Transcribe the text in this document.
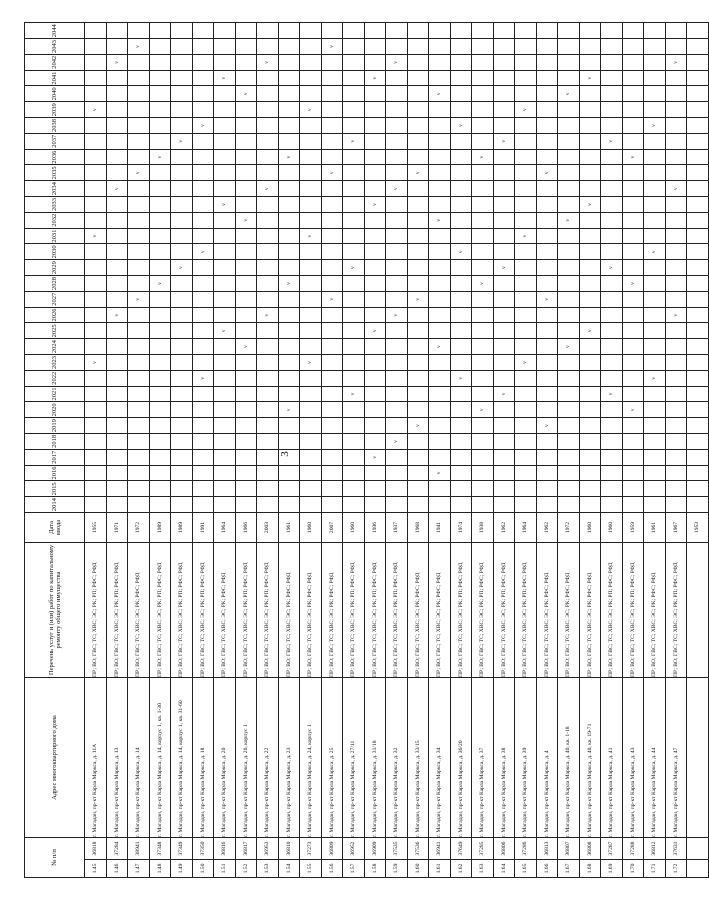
3
№ п/п		Адрес многоквартирного дома	Перечень услуг и (или) работ по капитальному ремонту общего имущества	Дата ввода	2014	2015	2016	2017	2018	2019	2020	2021	2022	2023	2024	2025	2026	2027	2028	2029	2030	2031	2032	2033	2034	2035	2036	2037	2038	2039	2040	2041	2042	2043	2044
1.45	36818	г. Магадан, пр-кт Карла Маркса, д. 11А	ПР; ВО; ГВС; ТС; ХВС; ЭС; РК; РП; РФС; РФД	1955										v								v								v					
1.46	37284	г. Магадан, пр-кт Карла Маркса, д. 13	ПР; ВО; ГВС; ТС; ХВС; ЭС; РК; РП; РФС; РФД	1971													v								v								v		
1.47	38941	г. Магадан, пр-кт Карла Маркса, д. 14	ПР; ВО; ГВС; ТС; ХВС; ЭС; РК; РФС; РФД	1972														v								v								v	
1.48	37348	г. Магадан, пр-кт Карла Маркса, д. 14, корпус 1, кв. 1-30	ПР; ВО; ГВС; ТС; ХВС; ЭС; РК; РП; РФС; РФД	1989															v								v								
1.49	37349	г. Магадан, пр-кт Карла Маркса, д. 14, корпус 1, кв. 31-60	ПР; ВО; ГВС; ТС; ХВС; ЭС; РК; РП; РФС; РФД	1989																v								v							
1.50	37350	г. Магадан, пр-кт Карла Маркса, д. 18	ПР; ВО; ГВС; ТС; ХВС; ЭС; РК; РП; РФС; РФД	1991									v								v								v						
1.51	36816	г. Магадан, пр-кт Карла Маркса, д. 20	ПР; ВО; ГВС; ТС; ХВС; ЭС; РК; РФС; РФД	1964												v								v								v			
1.52	36817	г. Магадан, пр-кт Карла Маркса, д. 20, корпус 1	ПР; ВО; ГВС; ТС; ХВС; ЭС; РК; РП; РФС; РФД	1966											v								v								v				
1.53	36953	г. Магадан, пр-кт Карла Маркса, д. 22	ПР; ВО; ГВС; ТС; ХВС; ЭС; РК; РП; РФС; РФД	2003													v								v								v		
1.54	36810	г. Магадан, пр-кт Карла Маркса, д. 23	ПР; ВО; ГВС; ТС; ХВС; ЭС; РК; РФС; РФД	1961							v								v								v								
1.55	37273	г. Магадан, пр-кт Карла Маркса, д. 24, корпус 1	ПР; ВО; ГВС; ТС; ХВС; ЭС; РК; РФС; РФД	1960										v								v								v					
1.56	36809	г. Магадан, пр-кт Карла Маркса, д. 25	ПР; ВО; ГВС; ТС; ХВС; ЭС; РК; РФС; РФД	2007														v								v								v	
1.57	36952	г. Магадан, пр-кт Карла Маркса, д. 27/11	ПР; ВО; ГВС; ТС; ХВС; ЭС; РК; РП; РФС; РФД	1960								v								v								v							
1.58	36909	г. Магадан, пр-кт Карла Маркса, д. 31/18	ПР; ВО; ГВС; ТС; ХВС; ЭС; РК; РП; РФС; РФД	1936				v								v								v								v			
1.59	37535	г. Магадан, пр-кт Карла Маркса, д. 32	ПР; ВО; ГВС; ТС; ХВС; ЭС; РК; РП; РФС; РФД	1937					v								v								v								v		
1.60	37536	г. Магадан, пр-кт Карла Маркса, д. 33/15	ПР; ВО; ГВС; ТС; ХВС; ЭС; РК; РФС; РФД	1968						v								v								v									
1.61	36941	г. Магадан, пр-кт Карла Маркса, д. 34	ПР; ВО; ГВС; ТС; ХВС; ЭС; РК; РФС; РФД	1941			v								v								v								v				
1.62	37649	г. Магадан, пр-кт Карла Маркса, д. 36/20	ПР; ВО; ГВС; ТС; ХВС; ЭС; РК; РП; РФС; РФД	1974									v								v								v						
1.63	37285	г. Магадан, пр-кт Карла Маркса, д. 37	ПР; ВО; ГВС; ТС; ХВС; ЭС; РК; РП; РФС; РФД	1938							v								v								v								
1.64	36806	г. Магадан, пр-кт Карла Маркса, д. 38	ПР; ВО; ГВС; ТС; ХВС; ЭС; РК; РП; РФС; РФД	1962								v								v								v							
1.65	37286	г. Магадан, пр-кт Карла Маркса, д. 39	ПР; ВО; ГВС; ТС; ХВС; ЭС; РК; РП; РФС; РФД	1964										v								v								v					
1.66	36813	г. Магадан, пр-кт Карла Маркса, д. 4	ПР; ВО; ГВС; ТС; ХВС; ЭС; РК; РФС; РФД	1962						v								v								v									
1.67	36807	г. Магадан, пр-кт Карла Маркса, д. 40, кв. 1-18	ПР; ВО; ГВС; ТС; ХВС; ЭС; РК; РФС; РФД	1972											v								v								v				
1.68	36808	г. Магадан, пр-кт Карла Маркса, д. 40, кв. 19-71	ПР; ВО; ГВС; ТС; ХВС; ЭС; РК; РФС; РФД	1960												v								v								v			
1.69	37287	г. Магадан, пр-кт Карла Маркса, д. 41	ПР; ВО; ГВС; ТС; ХВС; ЭС; РК; РП; РФС; РФД	1960								v								v								v							
1.70	37288	г. Магадан, пр-кт Карла Маркса, д. 43	ПР; ВО; ГВС; ТС; ХВС; ЭС; РК; РП; РФС; РФД	1959							v								v								v								
1.71	36812	г. Магадан, пр-кт Карла Маркса, д. 44	ПР; ВО; ГВС; ТС; ХВС; ЭС; РК; РФС; РФД	1961									v								v								v						
1.72	37631	г. Магадан, пр-кт Карла Маркса, д. 47	ПР; ВО; ГВС; ТС; ХВС; ЭС; РК; РП; РФС; РФД	1967													v								v								v		
				1953																															
